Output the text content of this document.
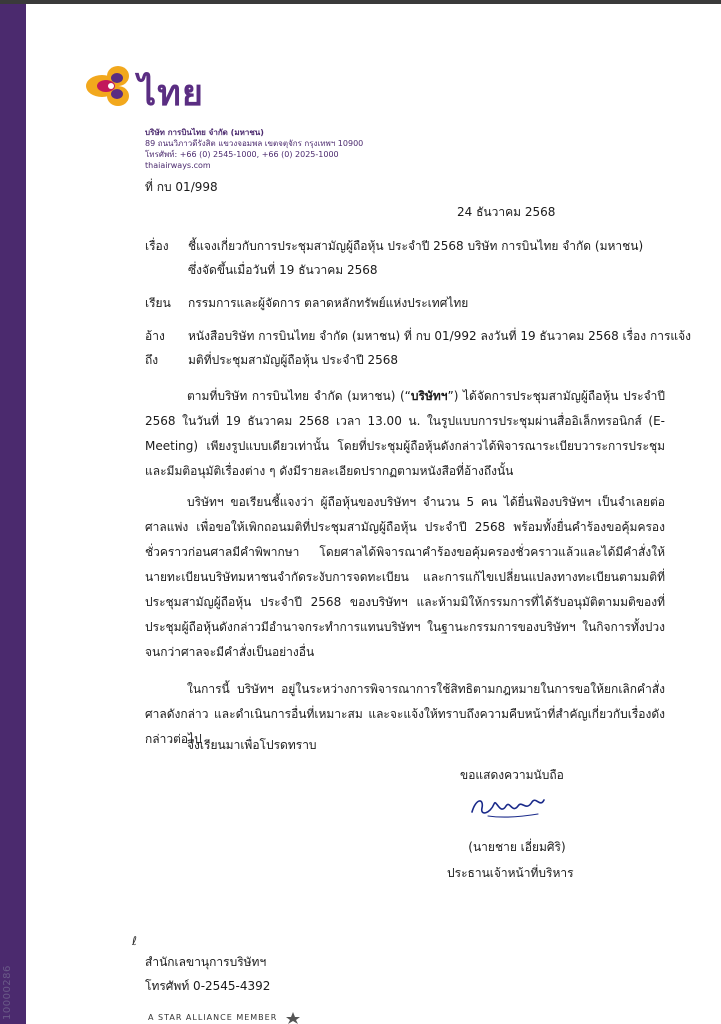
10000286
ไทย
บริษัท การบินไทย จำกัด (มหาชน)
89 ถนนวิภาวดีรังสิต แขวงจอมพล เขตจตุจักร กรุงเทพฯ 10900
โทรศัพท์: +66 (0) 2545-1000, +66 (0) 2025-1000
thaiairways.com
ที่ กบ 01/998
24 ธันวาคม 2568
เรื่อง ชี้แจงเกี่ยวกับการประชุมสามัญผู้ถือหุ้น ประจำปี 2568 บริษัท การบินไทย จำกัด (มหาชน)
ซึ่งจัดขึ้นเมื่อวันที่ 19 ธันวาคม 2568
เรียน กรรมการและผู้จัดการ ตลาดหลักทรัพย์แห่งประเทศไทย
อ้างถึง
หนังสือบริษัท การบินไทย จำกัด (มหาชน) ที่ กบ 01/992 ลงวันที่ 19 ธันวาคม 2568 เรื่อง การแจ้ง
มติที่ประชุมสามัญผู้ถือหุ้น ประจำปี 2568
ตามที่บริษัท การบินไทย จำกัด (มหาชน) (“บริษัทฯ”) ได้จัดการประชุมสามัญผู้ถือหุ้น ประจำปี 2568 ในวันที่ 19 ธันวาคม 2568 เวลา 13.00 น. ในรูปแบบการประชุมผ่านสื่ออิเล็กทรอนิกส์ (E-Meeting) เพียงรูปแบบเดียวเท่านั้น โดยที่ประชุมผู้ถือหุ้นดังกล่าวได้พิจารณาระเบียบวาระการประชุมและมีมติอนุมัติเรื่องต่าง ๆ ดังมีรายละเอียดปรากฏตามหนังสือที่อ้างถึงนั้น
บริษัทฯ ขอเรียนชี้แจงว่า ผู้ถือหุ้นของบริษัทฯ จำนวน 5 คน ได้ยื่นฟ้องบริษัทฯ เป็นจำเลยต่อศาลแพ่ง เพื่อขอให้เพิกถอนมติที่ประชุมสามัญผู้ถือหุ้น ประจำปี 2568 พร้อมทั้งยื่นคำร้องขอคุ้มครองชั่วคราวก่อนศาลมีคำพิพากษา โดยศาลได้พิจารณาคำร้องขอคุ้มครองชั่วคราวแล้วและได้มีคำสั่งให้นายทะเบียนบริษัทมหาชนจำกัดระงับการจดทะเบียน และการแก้ไขเปลี่ยนแปลงทางทะเบียนตามมติที่ประชุมสามัญผู้ถือหุ้น ประจำปี 2568 ของบริษัทฯ และห้ามมิให้กรรมการที่ได้รับอนุมัติตามมติของที่ประชุมผู้ถือหุ้นดังกล่าวมีอำนาจกระทำการแทนบริษัทฯ ในฐานะกรรมการของบริษัทฯ ในกิจการทั้งปวงจนกว่าศาลจะมีคำสั่งเป็นอย่างอื่น
ในการนี้ บริษัทฯ อยู่ในระหว่างการพิจารณาการใช้สิทธิตามกฎหมายในการขอให้ยกเลิกคำสั่งศาลดังกล่าว และดำเนินการอื่นที่เหมาะสม และจะแจ้งให้ทราบถึงความคืบหน้าที่สำคัญเกี่ยวกับเรื่องดังกล่าวต่อไป
จึงเรียนมาเพื่อโปรดทราบ
ขอแสดงความนับถือ
(นายชาย เอี่ยมศิริ)
ประธานเจ้าหน้าที่บริหาร
ℓ
สำนักเลขานุการบริษัทฯ
โทรศัพท์ 0-2545-4392
A STAR ALLIANCE MEMBER
